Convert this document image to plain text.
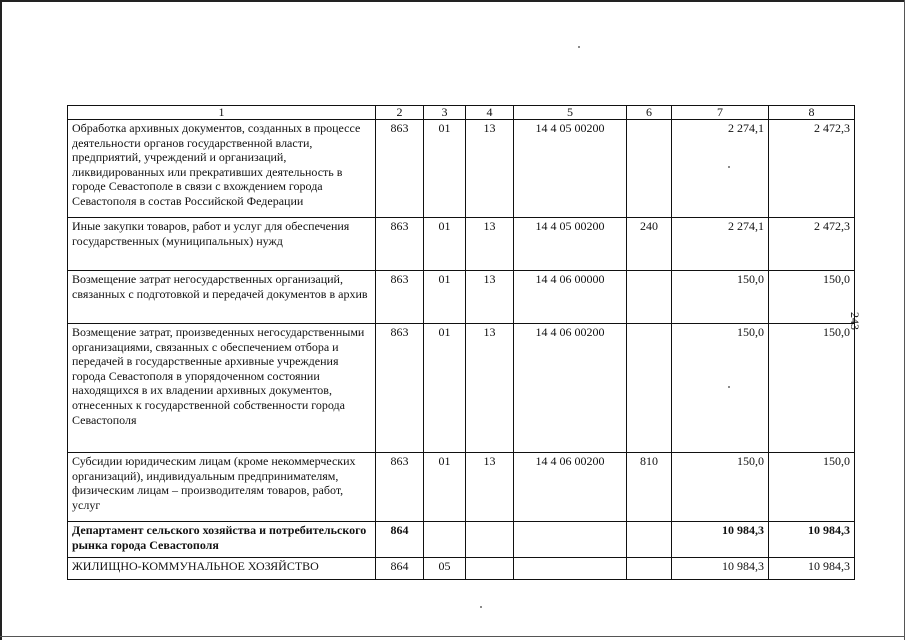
1	2	3	4	5	6	7	8
Обработка архивных документов, созданных в процессе деятельности органов государственной власти, предприятий, учреждений и организаций, ликвидированных или прекративших деятельность в городе Севастополе в связи с вхождением города Севастополя в состав Российской Федерации	863	01	13	14 4 05 00200		2 274,1	2 472,3
Иные закупки товаров, работ и услуг для обеспечения государственных (муниципальных) нужд	863	01	13	14 4 05 00200	240	2 274,1	2 472,3
Возмещение затрат негосударственных организаций, связанных с подготовкой и передачей документов в архив	863	01	13	14 4 06 00000		150,0	150,0
Возмещение затрат, произведенных негосударственными организациями, связанных с обеспечением отбора и передачей в государственные архивные учреждения города Севастополя в упорядоченном состоянии находящихся в их владении архивных документов, отнесенных к государственной собственности города Севастополя	863	01	13	14 4 06 00200		150,0	150,0
Субсидии юридическим лицам (кроме некоммерческих организаций), индивидуальным предпринимателям, физическим лицам – производителям товаров, работ, услуг	863	01	13	14 4 06 00200	810	150,0	150,0
Департамент сельского хозяйства и потребительского рынка города Севастополя	864					10 984,3	10 984,3
ЖИЛИЩНО-КОММУНАЛЬНОЕ ХОЗЯЙСТВО	864	05				10 984,3	10 984,3
243
